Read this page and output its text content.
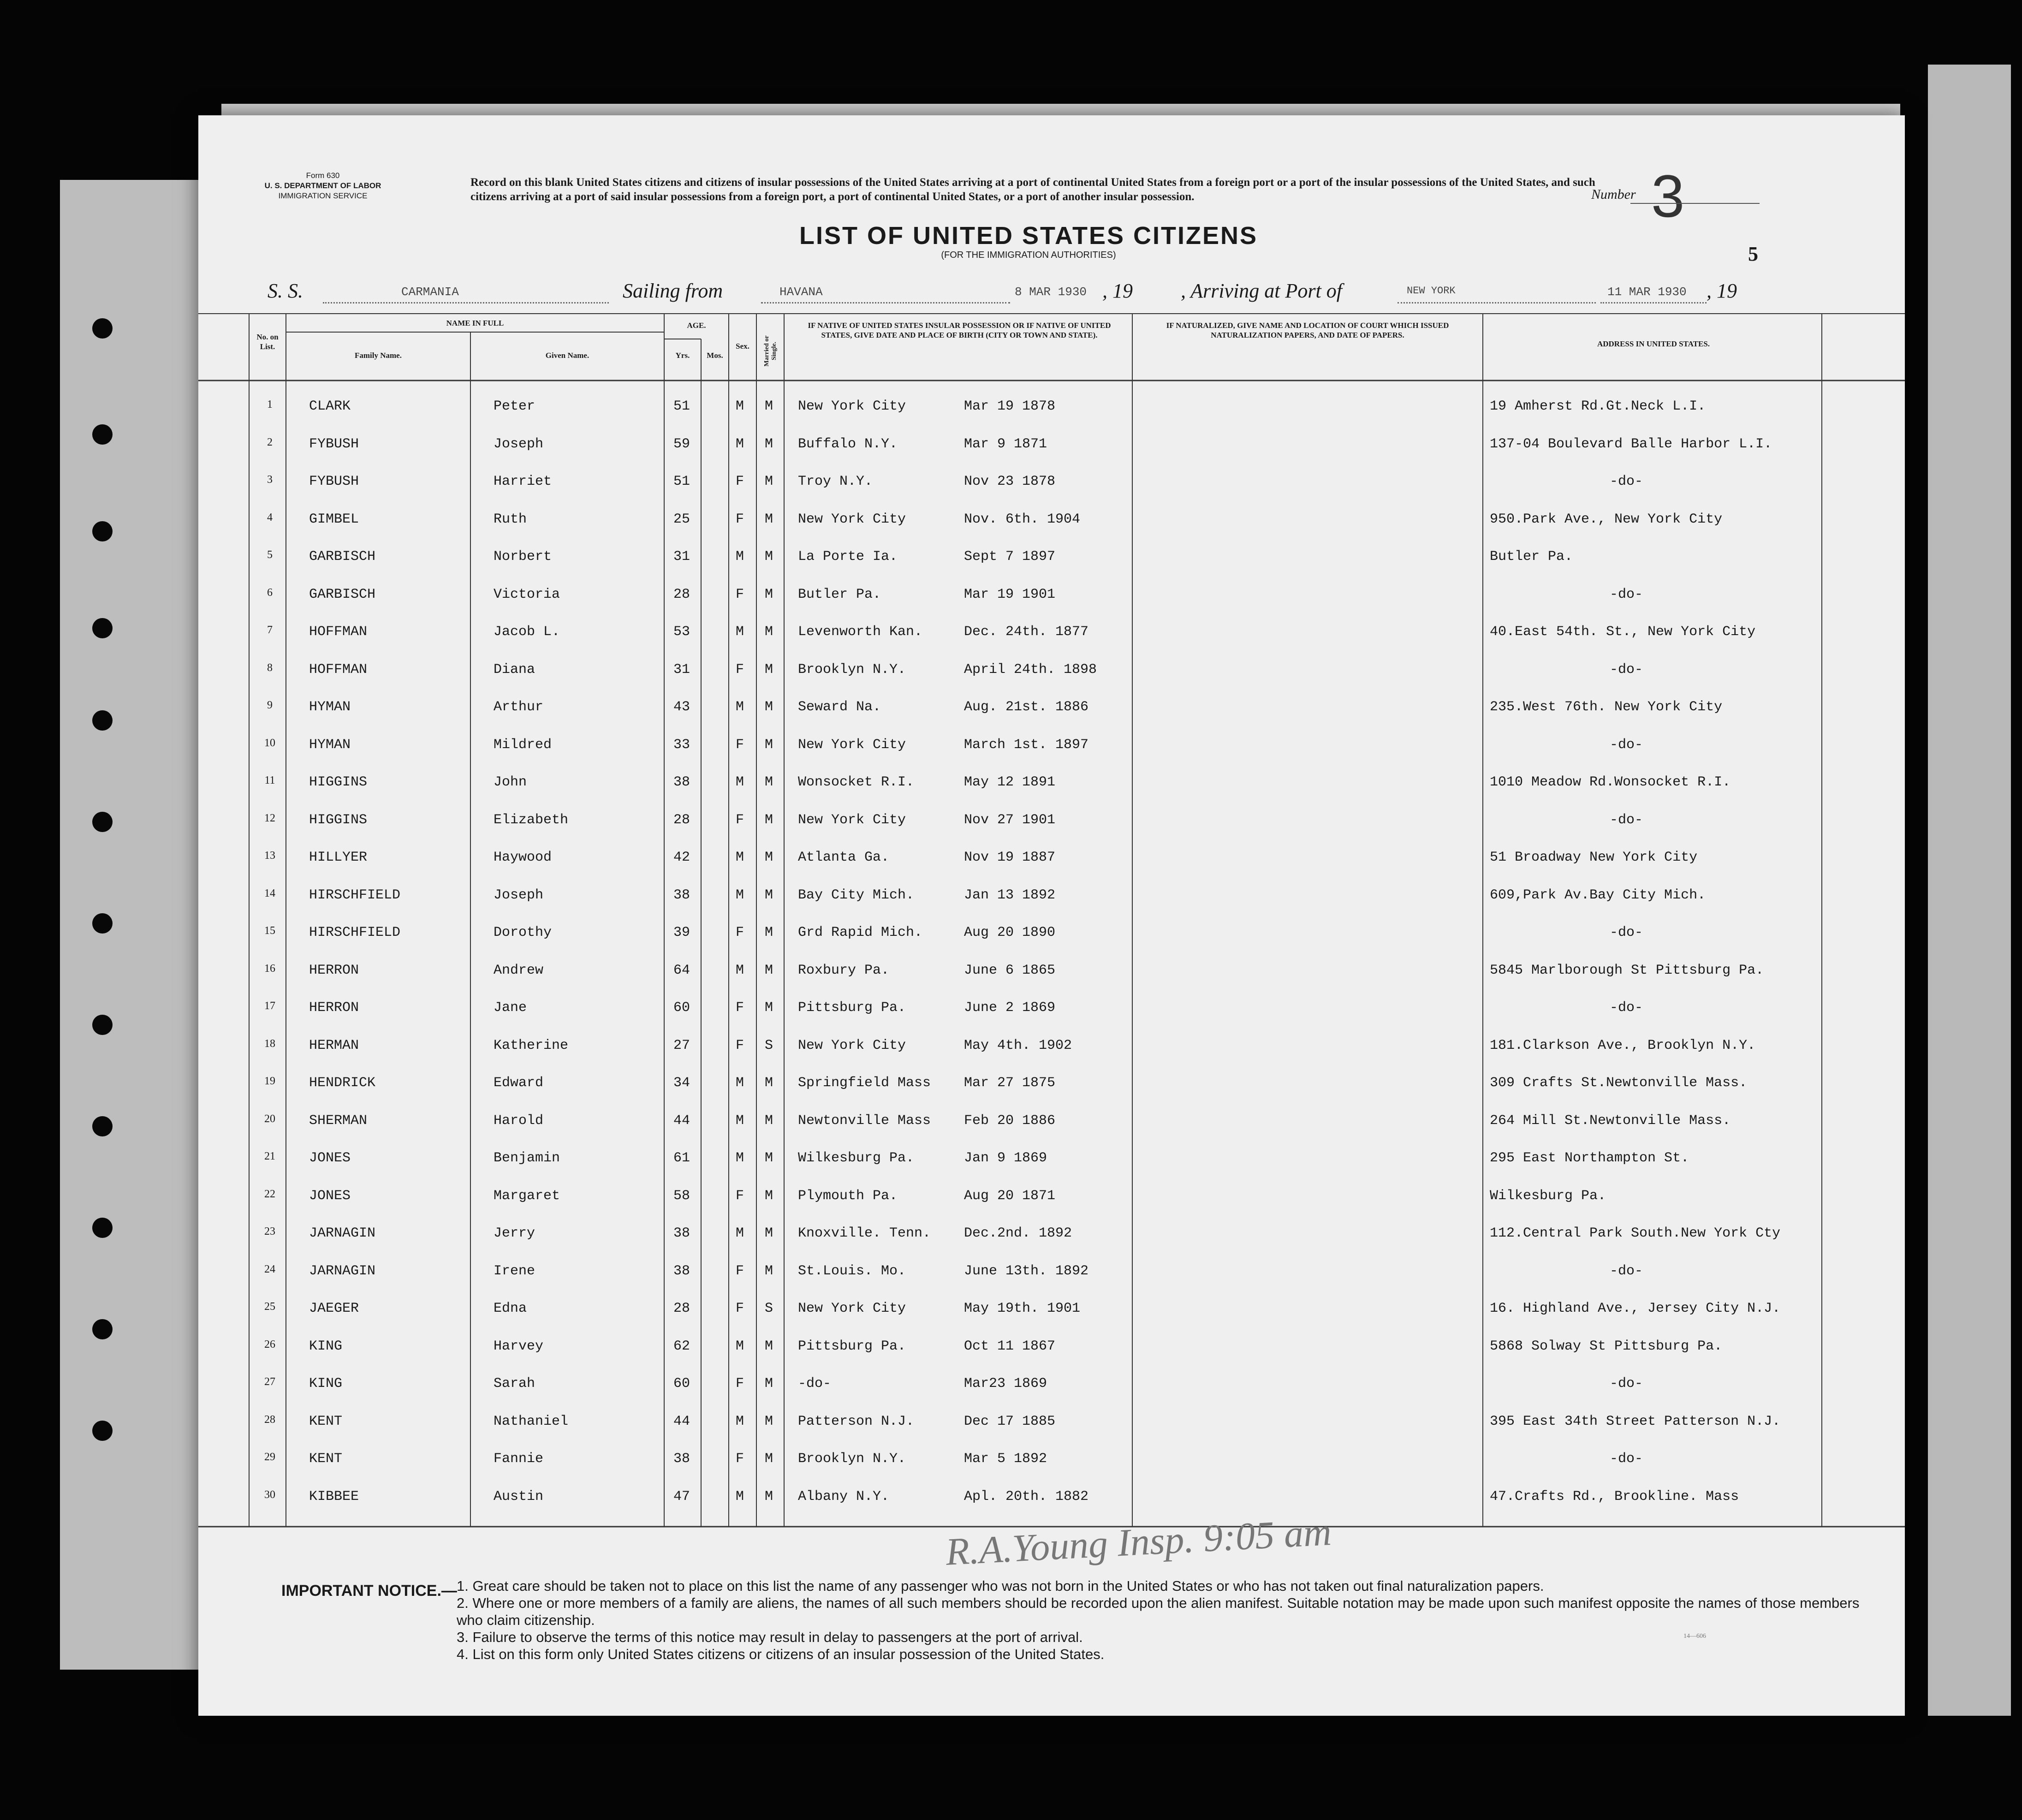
Form 630
U. S. DEPARTMENT OF LABOR
IMMIGRATION SERVICE
Record on this blank United States citizens and citizens of insular possessions of the United States arriving at a port of continental United States from a foreign port or a port of the insular possessions of the United States, and such citizens arriving at a port of said insular possessions from a foreign port, a port of continental United States, or a port of another insular possession.	Number 3
LIST OF UNITED STATES CITIZENS
(FOR THE IMMIGRATION AUTHORITIES)	5
S. S.	CARMANIA	Sailing from	HAVANA	8 MAR 1930 , 19 , Arriving at Port of	NEW YORK	11 MAR 1930 , 19
No. on List.
NAME IN FULL
Family Name.	Given Name.
AGE.
Yrs.	Mos.
Sex.	Married or Single.
IF NATIVE OF UNITED STATES INSULAR POSSESSION OR IF NATIVE OF UNITED STATES, GIVE DATE AND PLACE OF BIRTH (CITY OR TOWN AND STATE).
IF NATURALIZED, GIVE NAME AND LOCATION OF COURT WHICH ISSUED NATURALIZATION PAPERS, AND DATE OF PAPERS.
ADDRESS IN UNITED STATES.
1	CLARK	Peter	51	M M New York City	Mar 19 1878	19 Amherst Rd.Gt.Neck L.I.
2	FYBUSH	Joseph	59	M M Buffalo N.Y.	Mar 9 1871	137-04 Boulevard Balle Harbor L.I.
3	FYBUSH	Harriet	51	F M Troy N.Y.	Nov 23 1878	-do-
4	GIMBEL	Ruth	25	F M New York City	Nov. 6th. 1904	950.Park Ave., New York City
5	GARBISCH	Norbert	31	M M La Porte Ia.	Sept 7 1897	Butler Pa.
6	GARBISCH	Victoria	28	F M Butler Pa.	Mar 19 1901	-do-
7	HOFFMAN	Jacob L.	53	M M Levenworth Kan.	Dec. 24th. 1877	40.East 54th. St., New York City
8	HOFFMAN	Diana	31	F M Brooklyn N.Y.	April 24th. 1898	-do-
9	HYMAN	Arthur	43	M M Seward Na.	Aug. 21st. 1886	235.West 76th. New York City
10	HYMAN	Mildred	33	F M New York City	March 1st. 1897	-do-
11	HIGGINS	John	38	M M Wonsocket R.I.	May 12 1891	1010 Meadow Rd.Wonsocket R.I.
12	HIGGINS	Elizabeth	28	F M New York City	Nov 27 1901	-do-
13	HILLYER	Haywood	42	M M Atlanta Ga.	Nov 19 1887	51 Broadway New York City
14	HIRSCHFIELD	Joseph	38	M M Bay City Mich.	Jan 13 1892	609,Park Av.Bay City Mich.
15	HIRSCHFIELD	Dorothy	39	F M Grd Rapid Mich.	Aug 20 1890	-do-
16	HERRON	Andrew	64	M M Roxbury Pa.	June 6 1865	5845 Marlborough St Pittsburg Pa.
17	HERRON	Jane	60	F M Pittsburg Pa.	June 2 1869	-do-
18	HERMAN	Katherine	27	F S New York City	May 4th. 1902	181.Clarkson Ave., Brooklyn N.Y.
19	HENDRICK	Edward	34	M M Springfield Mass Mar 27 1875	309 Crafts St.Newtonville Mass.
20	SHERMAN	Harold	44	M M Newtonville Mass Feb 20 1886	264 Mill St.Newtonville Mass.
21	JONES	Benjamin	61	M M Wilkesburg Pa.	Jan 9 1869	295 East Northampton St.
22	JONES	Margaret	58	F M Plymouth Pa.	Aug 20 1871	Wilkesburg Pa.
23	JARNAGIN	Jerry	38	M M Knoxville. Tenn. Dec.2nd. 1892	112.Central Park South.New York Cty
24	JARNAGIN	Irene	38	F M St.Louis. Mo.	June 13th. 1892	-do-
25	JAEGER	Edna	28	F S New York City	May 19th. 1901	16. Highland Ave., Jersey City N.J.
26	KING	Harvey	62	M M Pittsburg Pa.	Oct 11 1867	5868 Solway St Pittsburg Pa.
27	KING	Sarah	60	F M -do-	Mar23 1869	-do-
28	KENT	Nathaniel	44	M M Patterson N.J.	Dec 17 1885	395 East 34th Street Patterson N.J.
29	KENT	Fannie	38	F M Brooklyn N.Y.	Mar 5 1892	-do-
30	KIBBEE	Austin	47	M M Albany N.Y.	Apl. 20th. 1882	47.Crafts Rd., Brookline. Mass
R.A.Young Insp. 9:05 am
IMPORTANT NOTICE.— 1. Great care should be taken not to place on this list the name of any passenger who was not born in the United States or who has not taken out final naturalization papers.
2. Where one or more members of a family are aliens, the names of all such members should be recorded upon the alien manifest. Suitable notation may be made upon such manifest opposite the names of those members who claim citizenship.
3. Failure to observe the terms of this notice may result in delay to passengers at the port of arrival.
4. List on this form only United States citizens or citizens of an insular possession of the United States.
14—606
